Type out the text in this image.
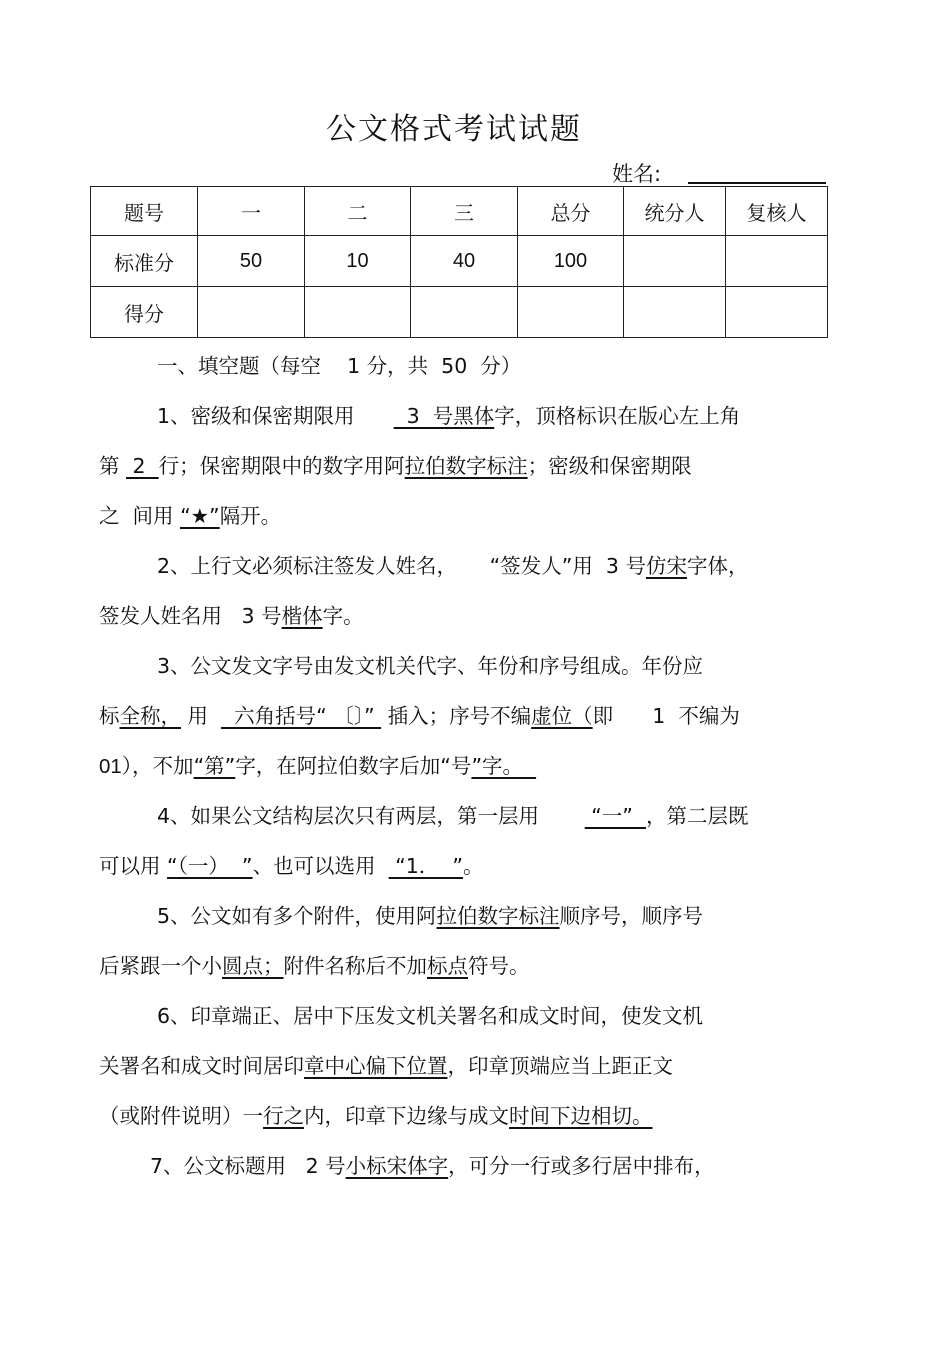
公文格式考试试题
姓名:
题号	一	二	三	总分	统分人	复核人
标准分	50	10	40	100		
得分						
一、填空题（每空    1 分，共  50  分）
1、密级和保密期限用        3  号黑体字，顶格标识在版心左上角
第  2  行；保密期限中的数字用阿拉伯数字标注；密级和保密期限
之  间用 “★”隔开。
2、上行文必须标注签发人姓名，     “签发人”用  3 号仿宋字体，
签发人姓名用   3 号楷体字。
3、公文发文字号由发文机关代字、年份和序号组成。年份应
标全称， 用    六角括号“ 〔〕”  插入；序号不编虚位（即      1  不编为
01），不加“第”字，在阿拉伯数字后加“号”字。
4、如果公文结构层次只有两层，第一层用        “一”  ，第二层既
可以用 “（一）  ”、也可以选用   “1．  ”。
5、公文如有多个附件，使用阿拉伯数字标注顺序号，顺序号
后紧跟一个小圆点；附件名称后不加标点符号。
6、印章端正、居中下压发文机关署名和成文时间，使发文机
关署名和成文时间居印章中心偏下位置，印章顶端应当上距正文
（或附件说明）一行之内，印章下边缘与成文时间下边相切。
7、公文标题用   2 号小标宋体字，可分一行或多行居中排布，
